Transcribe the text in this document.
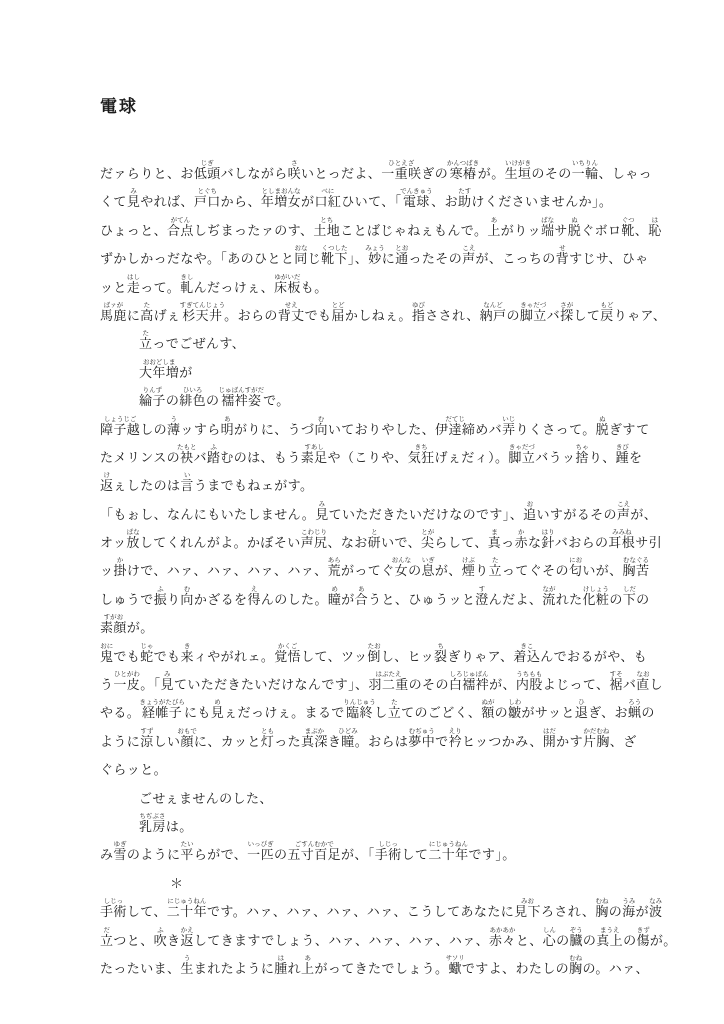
電球
だァらりと、お低頭じぎバしながら咲さいとっだよ、一重咲ひとえざぎの寒椿かんつばきが。生垣いけがきのその一輪いちりん、しゃっ
くて見みやれば、戸口とぐちから、年増女としまおんなが口紅べにひいて、「電球でんきゅう、お助たすけくださいませんか」。
ひょっと、合点がてんしぢまったァのす、土地とちことばじゃねぇもんで。上あがりッ端ばなサ脱ぬぐボロ靴ぐつ、恥は
ずかしかっだなや。「あのひとと同おなじ靴下くつした」、妙みょうに通とおったその声こえが、こっちの背せすじサ、ひゃ
ッと走はしって。軋きしんだっけぇ、床板ゆがいだも。
馬鹿ばァがに高たげぇ杉天井すぎてんじょう。おらの背丈せえでも届とどかしねぇ。指ゆびさされ、納戸なんどの脚立きゃだづバ探さがして戻もどりゃア、
立たっでごぜんす、
大年増おおどしまが
綸子りんずの緋色ひいろの襦袢姿じゅばんすがだで。
障子越しょうじごしの薄うッすら明あがりに、うづ向むいておりやした、伊達締だてじめバ弄いじりくさって。脱ぬぎすて
たメリンスの袂たもとバ踏ふむのは、もう素足すあしや（こりや、気狂きちげぇだィ）。脚立きゃだづバうッ捨ちゃり、踵きびを
返けぇしたのは言いうまでもねェがす。
「もぉし、なんにもいたしません。見みていただきたいだけなのです」、追おいすがるその声こえが、
オッ放ぱなしてくれんがよ。かぼそい声尻こわじり、なお研といで、尖とがらして、真まっ赤かな針はりバおらの耳根みみねサ引
ッ掛かけで、ハァ、ハァ、ハァ、ハァ、荒あらがってぐ女おんなの息いぎが、煙けぶり立たってぐその匂においが、胸苦むなぐる
しゅうで振ふり向むかざるを得えんのした。瞳めが合あうと、ひゅうッと澄すんだよ、流ながれた化粧けしょうの下しだの
素顔すがおが。
鬼おにでも蛇じゃでも来きィやがれェ。覚悟かくごして、ツッ倒たおし、ヒッ裂ちぎりゃア、着込きこんでおるがや、も
う一皮ひとがわ。「見みていただきたいだけなんです」、羽二重はぶたえのその白襦袢しろじゅばんが、内股うちももよじって、裾すそバ直なおし
やる。経帷子きょうがたびらにも見めぇだっけぇ。まるで臨終りんじゅうし立たてのごどく、額ぬがの皺しわがサッと退ひぎ、お蝋ろうの
ように涼すずしい顔おもでに、カッと灯ともった真深まぶかき瞳ひどみ。おらは夢中むぢゅうで衿えりヒッつかみ、開はだかす片胸かだむね、ざ
ぐらッと。
ごせぇませんのした、
乳房ちぢぶさは。
み雪ゆぎのように平たいらがで、一匹いっぴぎの五寸百足ごすんむかでが、「手術しじっして二十年にじゅうねんです」。
＊
手術しじっして、二十年にじゅうねんです。ハァ、ハァ、ハァ、ハァ、こうしてあなたに見下みおろされ、胸むねの海うみが波なみ
立だつと、吹ふき返かえしてきますでしょう、ハァ、ハァ、ハァ、ハァ、赤々あかあかと、心しんの臓ぞうの真上まうえの傷きずが。
たったいま、生うまれたように腫はれ上あがってきたでしょう。蠍サソリですよ、わたしの胸むねの。ハァ、
